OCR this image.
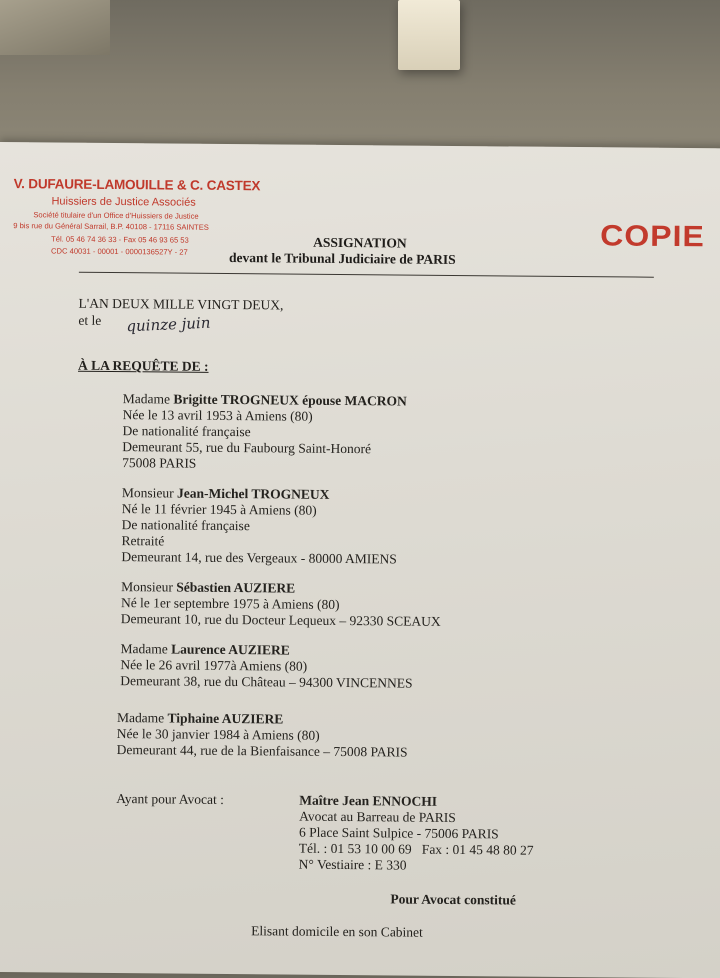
V. DUFAURE-LAMOUILLE & C. CASTEX
Huissiers de Justice Associés
Société titulaire d'un Office d'Huissiers de Justice
9 bis rue du Général Sarrail, B.P. 40108 - 17116 SAINTES
Tél. 05 46 74 36 33 - Fax 05 46 93 65 53
CDC 40031 - 00001 - 0000136527Y - 27	COPIE
ASSIGNATION
devant le Tribunal Judiciaire de PARIS
L'AN DEUX MILLE VINGT DEUX,
et le quinze juin
À LA REQUÊTE DE :
Madame Brigitte TROGNEUX épouse MACRON
Née le 13 avril 1953 à Amiens (80)
De nationalité française
Demeurant 55, rue du Faubourg Saint-Honoré
75008 PARIS
Monsieur Jean-Michel TROGNEUX
Né le 11 février 1945 à Amiens (80)
De nationalité française
Retraité
Demeurant 14, rue des Vergeaux - 80000 AMIENS
Monsieur Sébastien AUZIERE
Né le 1er septembre 1975 à Amiens (80)
Demeurant 10, rue du Docteur Lequeux – 92330 SCEAUX
Madame Laurence AUZIERE
Née le 26 avril 1977à Amiens (80)
Demeurant 38, rue du Château – 94300 VINCENNES
Madame Tiphaine AUZIERE
Née le 30 janvier 1984 à Amiens (80)
Demeurant 44, rue de la Bienfaisance – 75008 PARIS
Ayant pour Avocat :	Maître Jean ENNOCHI
Avocat au Barreau de PARIS
6 Place Saint Sulpice - 75006 PARIS
Tél. : 01 53 10 00 69 Fax : 01 45 48 80 27
N° Vestiaire : E 330
Pour Avocat constitué
Elisant domicile en son Cabinet
